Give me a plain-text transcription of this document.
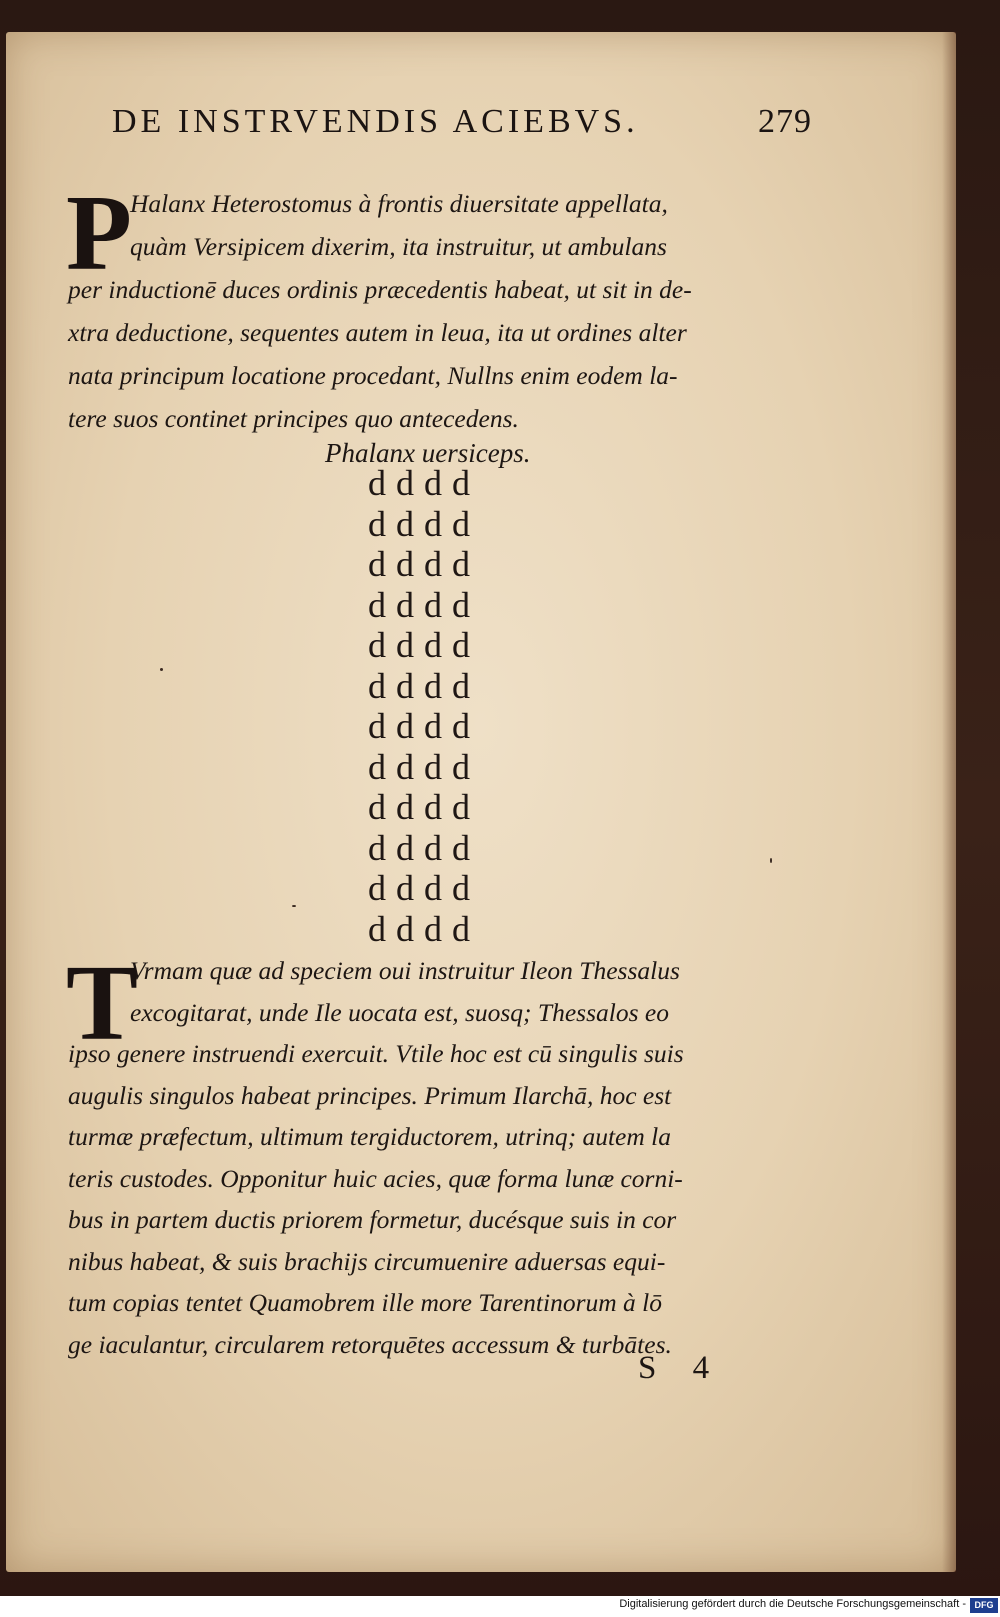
DE INSTRVENDIS ACIEBVS.	279
P
Halanx Heterostomus à frontis diuersitate appellata,
quàm Versipicem dixerim, ita instruitur, ut ambulans
per inductionē duces ordinis præcedentis habeat, ut sit in de-
xtra deductione, sequentes autem in leua, ita ut ordines alter
nata principum locatione procedant, Nullns enim eodem la-
tere suos continet principes quo antecedens.
Phalanx uersiceps.
dddd
dddd
dddd
dddd
dddd
dddd
dddd
dddd
dddd
dddd
dddd
dddd
T
Vrmam quæ ad speciem oui instruitur Ileon Thessalus
excogitarat, unde Ile uocata est, suosq; Thessalos eo
ipso genere instruendi exercuit. Vtile hoc est cū singulis suis
augulis singulos habeat principes. Primum Ilarchā, hoc est
turmæ præfectum, ultimum tergiductorem, utrinq; autem la
teris custodes. Opponitur huic acies, quæ forma lunæ corni-
bus in partem ductis priorem formetur, ducésque suis in cor
nibus habeat, & suis brachijs circumuenire aduersas equi-
tum copias tentet Quamobrem ille more Tarentinorum à lō
ge iaculantur, circularem retorquētes accessum & turbātes.
S 4
Digitalisierung gefördert durch die Deutsche Forschungsgemeinschaft - DFG
